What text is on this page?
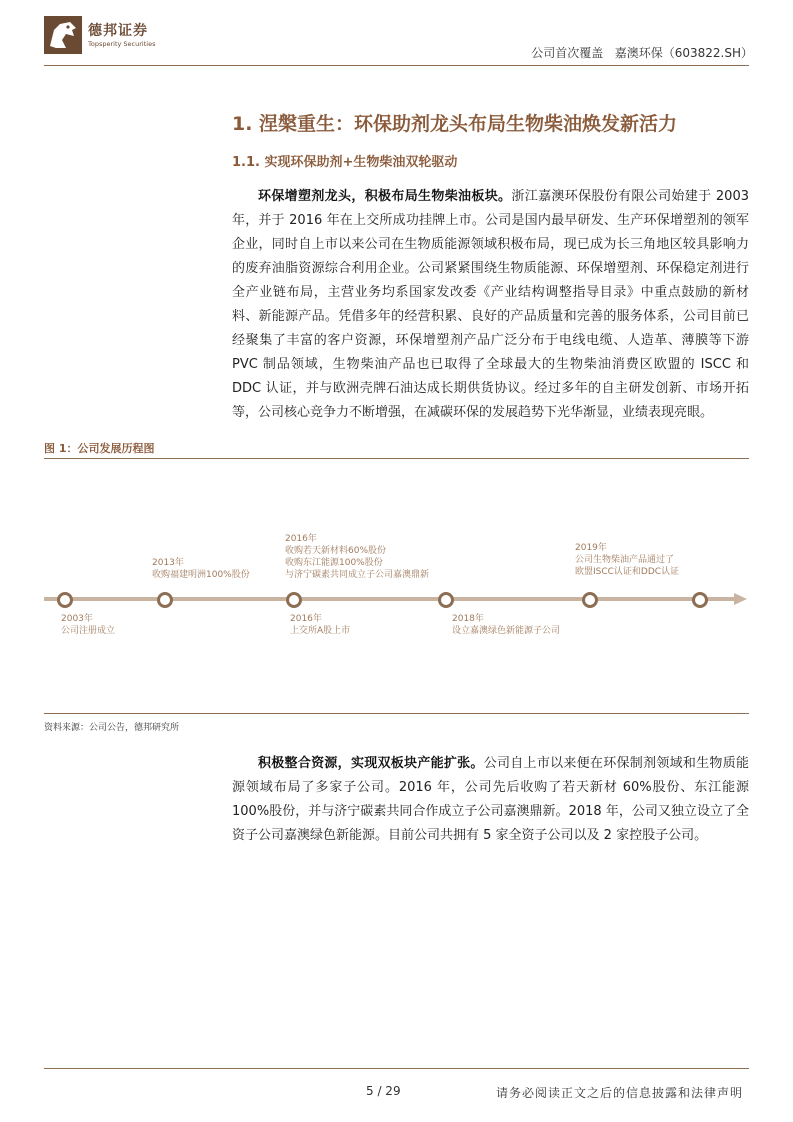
德邦证券
Topsperity Securities
公司首次覆盖 嘉澳环保（603822.SH）
1. 涅槃重生：环保助剂龙头布局生物柴油焕发新活力
1.1. 实现环保助剂+生物柴油双轮驱动
环保增塑剂龙头，积极布局生物柴油板块。浙江嘉澳环保股份有限公司始建于 2003 年，并于 2016 年在上交所成功挂牌上市。公司是国内最早研发、生产环保增塑剂的领军企业，同时自上市以来公司在生物质能源领域积极布局，现已成为长三角地区较具影响力的废弃油脂资源综合利用企业。公司紧紧围绕生物质能源、环保增塑剂、环保稳定剂进行全产业链布局，主营业务均系国家发改委《产业结构调整指导目录》中重点鼓励的新材料、新能源产品。凭借多年的经营积累、良好的产品质量和完善的服务体系，公司目前已经聚集了丰富的客户资源，环保增塑剂产品广泛分布于电线电缆、人造革、薄膜等下游 PVC 制品领域，生物柴油产品也已取得了全球最大的生物柴油消费区欧盟的 ISCC 和 DDC 认证，并与欧洲壳牌石油达成长期供货协议。经过多年的自主研发创新、市场开拓等，公司核心竞争力不断增强，在减碳环保的发展趋势下光华渐显，业绩表现亮眼。
图 1：公司发展历程图
2013年
收购福建明洲100%股份
2016年
收购若天新材料60%股份
收购东江能源100%股份
与济宁碳素共同成立子公司嘉澳鼎新
2019年
公司生物柴油产品通过了
欧盟ISCC认证和DDC认证
2003年
公司注册成立
2016年
上交所A股上市
2018年
设立嘉澳绿色新能源子公司
资料来源：公司公告，德邦研究所
积极整合资源，实现双板块产能扩张。公司自上市以来便在环保制剂领域和生物质能源领域布局了多家子公司。2016 年，公司先后收购了若天新材 60%股份、东江能源 100%股份，并与济宁碳素共同合作成立子公司嘉澳鼎新。2018 年，公司又独立设立了全资子公司嘉澳绿色新能源。目前公司共拥有 5 家全资子公司以及 2 家控股子公司。
5 / 29	请务必阅读正文之后的信息披露和法律声明
